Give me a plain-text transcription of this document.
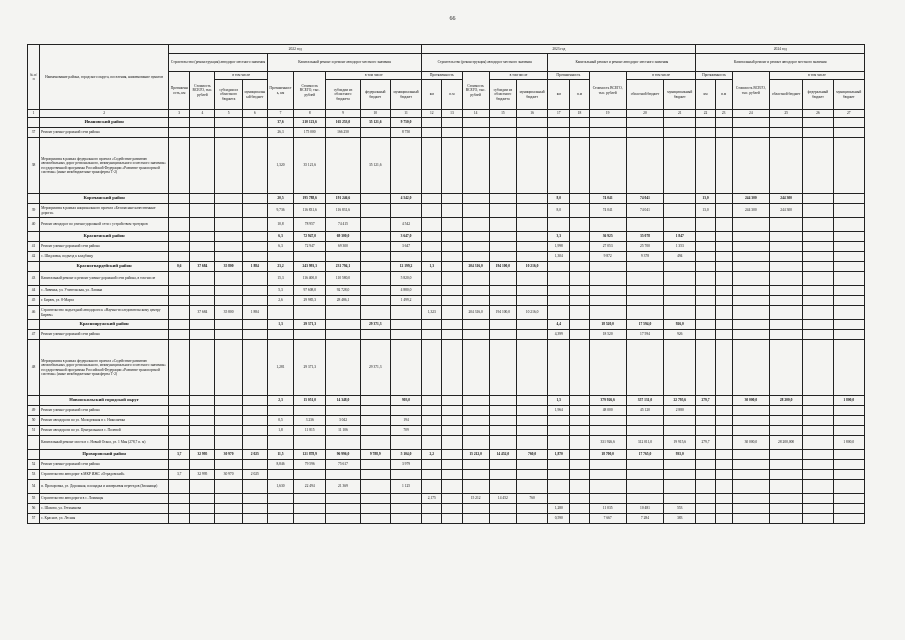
66
№ п/п	Наименование района, городского округа, поселения, наименование пунктов	2022 год									2023 год										2024 год					
		Строительство (реконструкция) автодорог местного значения				Капитальный ремонт и ремонт автодорог местного значения					Строительство (реконструкция) автодорог местного значения					Капитальный ремонт и ремонт автодорог местного значения					Капитальный ремонт и ремонт автодорог местного значения					
		Протяженность, км	Стоимость ВСЕГО, тыс. рублей	в том числе		Протяженность, км	Стоимость ВСЕГО, тыс. рублей	в том числе			Протяженность		Стоимость ВСЕГО, тыс. рублей	в том числе		Протяженность		Стоимость ВСЕГО, тыс. рублей	в том числе		Протяженность		Стоимость ВСЕГО, тыс. рублей	в том числе		
				субсидии из областного бюджета	муниципальный бюджет			субсидии из областного бюджета	федеральный бюджет	муниципальный бюджет	км	п.м		субсидии из областного бюджета	муниципальный бюджет	км	п.м		областной бюджет	муниципальный бюджет	км	п.м		областной бюджет	федеральный бюджет	муниципальный бюджет
1	2	3	4	5	6	7	8	9	10	11	12	13	14	15	16	17	18	19	20	21	22	23	24	25	26	27
	Ивановский район					37,6	210 123,6	165 253,0	35 121,6	9 750,0																
37	Ремонт улично-дорожной сети района					26,3	175 000	166 250		8 750																
38	Мероприятия в рамках федерального проекта «Содействие развитию автомобильных дорог регионального, межмуниципального и местного значения» государственной программы Российской Федерации «Развитие транспортной системы» (иные межбюджетные трансферты Т-2)					1,320	35 121,6		35 121,6																	
	Корочанский район					20,5	195 788,6	191 246,6		4 542,0						8,0		74 041	74 041		13,0		244 300	244 300		
39	Мероприятия в рамках национального проекта «Безопасные качественные дороги»					9,736	116 831,6	116 831,6								8,0		74 041	74 041		13,0		244 300	244 300		
40	Ремонт автодорог по улично-дорожной сети с устройством тротуаров					10,8	78 957	74 415		4 542																
	Красненский район					6,3	72 947,0	69 300,0		3 647,0						3,3		36 925	35 078	1 847						
41	Ремонт улично-дорожной сети района					6,3	72 947	69 300		3 647						1,998		27 053	25 700	1 353						
42	с. Шидловка, подъезд к кладбищу															1,304		9 872	9 378	494						
	Красногвардейский район	0,6	37 684	35 800	1 884	23,2	243 993,3	231 794,1		12 199,2	1,3		204 316,0	194 100,0	10 216,0											
43	Капитальный ремонт и ремонт улично-дорожной сети района, в том числе					15,3	116 400,0	110 580,0		5 820,0																
44	с. Ливенка, ул. Учительская, ул. Лапина					5,3	97 608,0	92 728,0		4 880,0																
45	г. Бирюч, ул. 8-Марта					2,6	29 985,3	28 486,1		1 499,2																
46	Строительство подъездной автодороги к «Научно-исследовательскому центру Бирюч»		37 684	35 800	1 884						1,323		204 316,0	194 100,0	10 216,0											
	Краснояружский район					1,3	29 371,3		29 371,3							4,4		18 520,0	17 594,0	926,0						
47	Ремонт улично-дорожной сети района															4,399		18 520	17 594	926						
48	Мероприятия в рамках федерального проекта «Содействие развитию автомобильных дорог регионального, межмуниципального и местного значения» государственной программы Российской Федерации «Развитие транспортной системы» (иные межбюджетные трансферты Т-2)					1,281	29 371,3		29 371,3																	
	Новооскольский городской округ					2,3	15 051,0	14 348,0		903,0						1,5		379 926,6	357 131,0	22 795,6	279,7		30 000,0	28 200,0		1 800,0
49	Ремонт улично-дорожной сети района															1,964		48 000	45 120	2 880						
50	Ремонт автодороги по ул. Молодежная в с. Николаевка					0,5	3 236	3 042		194																
51	Ремонт автодороги по ул. Центральная в с. Полевой					1,8	11 815	11 106		709																
	Капитальный ремонт моста в с. Новый Оскол, ул. 1 Мая (278,7 п. м)																	331 926,6	312 011,0	19 915,6	279,7		30 000,0	28 200,000		1 800,0
	Прохоровский район	3,7	32 995	30 970	2 025	11,5	121 878,9	96 996,0	9 788,9	5 104,0	2,2		15 212,0	14 452,0	760,0	1,870		18 700,0	17 765,0	935,0						
52	Ремонт улично-дорожной сети района					8,846	79 596	75 617		3 979																
53	Строительство автодорог в МКР ИЖС «Отрадовский»	3,7	32 995	30 970	2 025																					
54	п. Прохоровка, ул. Дорожная, площадка и номерьевая переездов (Звонница)					1,630	22 494	21 369		1 125																
55	Строительство автодороги в с. Ломинцы										2,175		15 212	14 452	760											
56	с. Шахово, ул. Гетьманова															1,280		11 035	10 481	553						
57	с. Красное, ул. Лесная															0,590		7 667	7 284	383						
